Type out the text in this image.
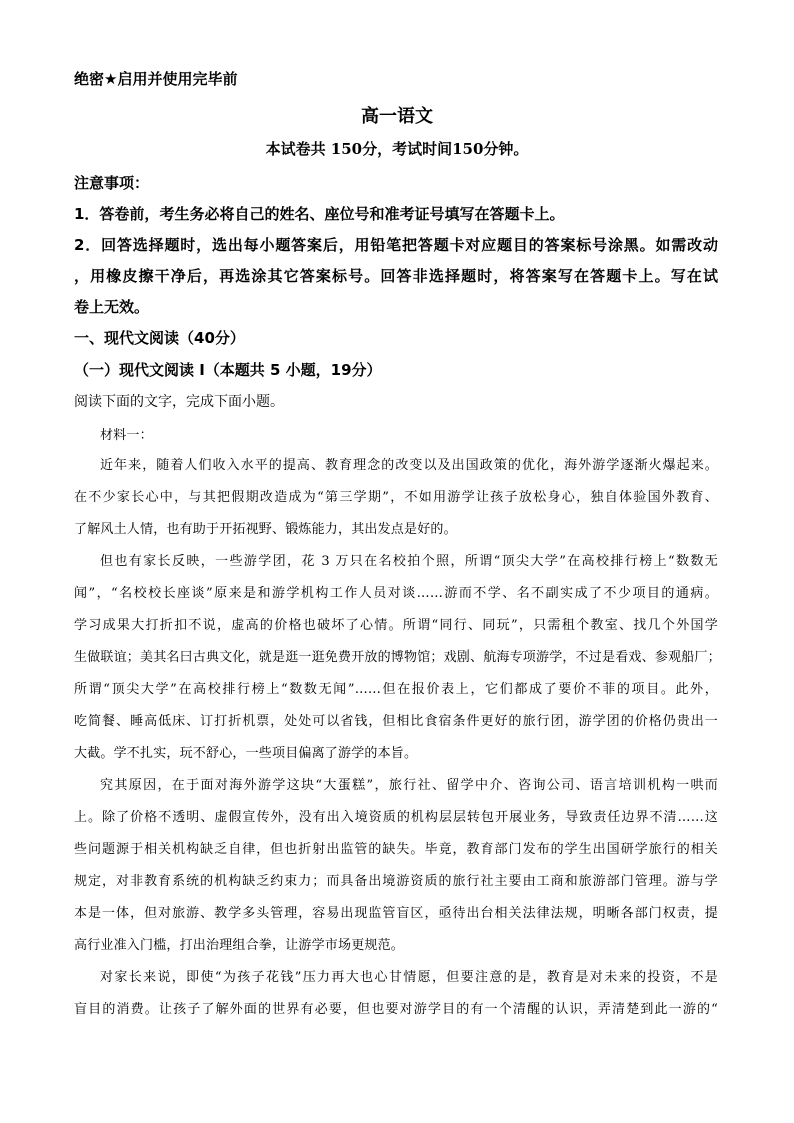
绝密★启用并使用完毕前
高一语文
本试卷共 150分，考试时间150分钟。
注意事项：
1．答卷前，考生务必将自己的姓名、座位号和准考证号填写在答题卡上。
2．回答选择题时，选出每小题答案后，用铅笔把答题卡对应题目的答案标号涂黑。如需改动
，用橡皮擦干净后，再选涂其它答案标号。回答非选择题时，将答案写在答题卡上。写在试
卷上无效。
一、现代文阅读（40分）
（一）现代文阅读 I（本题共 5 小题，19分）
阅读下面的文字，完成下面小题。
材料一：
近年来，随着人们收入水平的提高、教育理念的改变以及出国政策的优化，海外游学逐渐火爆起来。
在不少家长心中，与其把假期改造成为“第三学期”，不如用游学让孩子放松身心，独自体验国外教育、
了解风土人情，也有助于开拓视野、锻炼能力，其出发点是好的。
但也有家长反映，一些游学团，花 3 万只在名校拍个照，所谓“顶尖大学”在高校排行榜上“数数无
闻”，“名校校长座谈”原来是和游学机构工作人员对谈……游而不学、名不副实成了不少项目的通病。
学习成果大打折扣不说，虚高的价格也破坏了心情。所谓“同行、同玩”，只需租个教室、找几个外国学
生做联谊；美其名曰古典文化，就是逛一逛免费开放的博物馆；戏剧、航海专项游学，不过是看戏、参观船厂；
所谓“顶尖大学”在高校排行榜上“数数无闻”……但在报价表上，它们都成了要价不菲的项目。此外，
吃简餐、睡高低床、订打折机票，处处可以省钱，但相比食宿条件更好的旅行团，游学团的价格仍贵出一
大截。学不扎实，玩不舒心，一些项目偏离了游学的本旨。
究其原因，在于面对海外游学这块“大蛋糕”，旅行社、留学中介、咨询公司、语言培训机构一哄而
上。除了价格不透明、虚假宣传外，没有出入境资质的机构层层转包开展业务，导致责任边界不清……这
些问题源于相关机构缺乏自律，但也折射出监管的缺失。毕竟，教育部门发布的学生出国研学旅行的相关
规定，对非教育系统的机构缺乏约束力；而具备出境游资质的旅行社主要由工商和旅游部门管理。游与学
本是一体，但对旅游、教学多头管理，容易出现监管盲区，亟待出台相关法律法规，明晰各部门权责，提
高行业准入门槛，打出治理组合拳，让游学市场更规范。
对家长来说，即使“为孩子花钱”压力再大也心甘情愿，但要注意的是，教育是对未来的投资，不是
盲目的消费。让孩子了解外面的世界有必要，但也要对游学目的有一个清醒的认识，弄清楚到此一游的“
